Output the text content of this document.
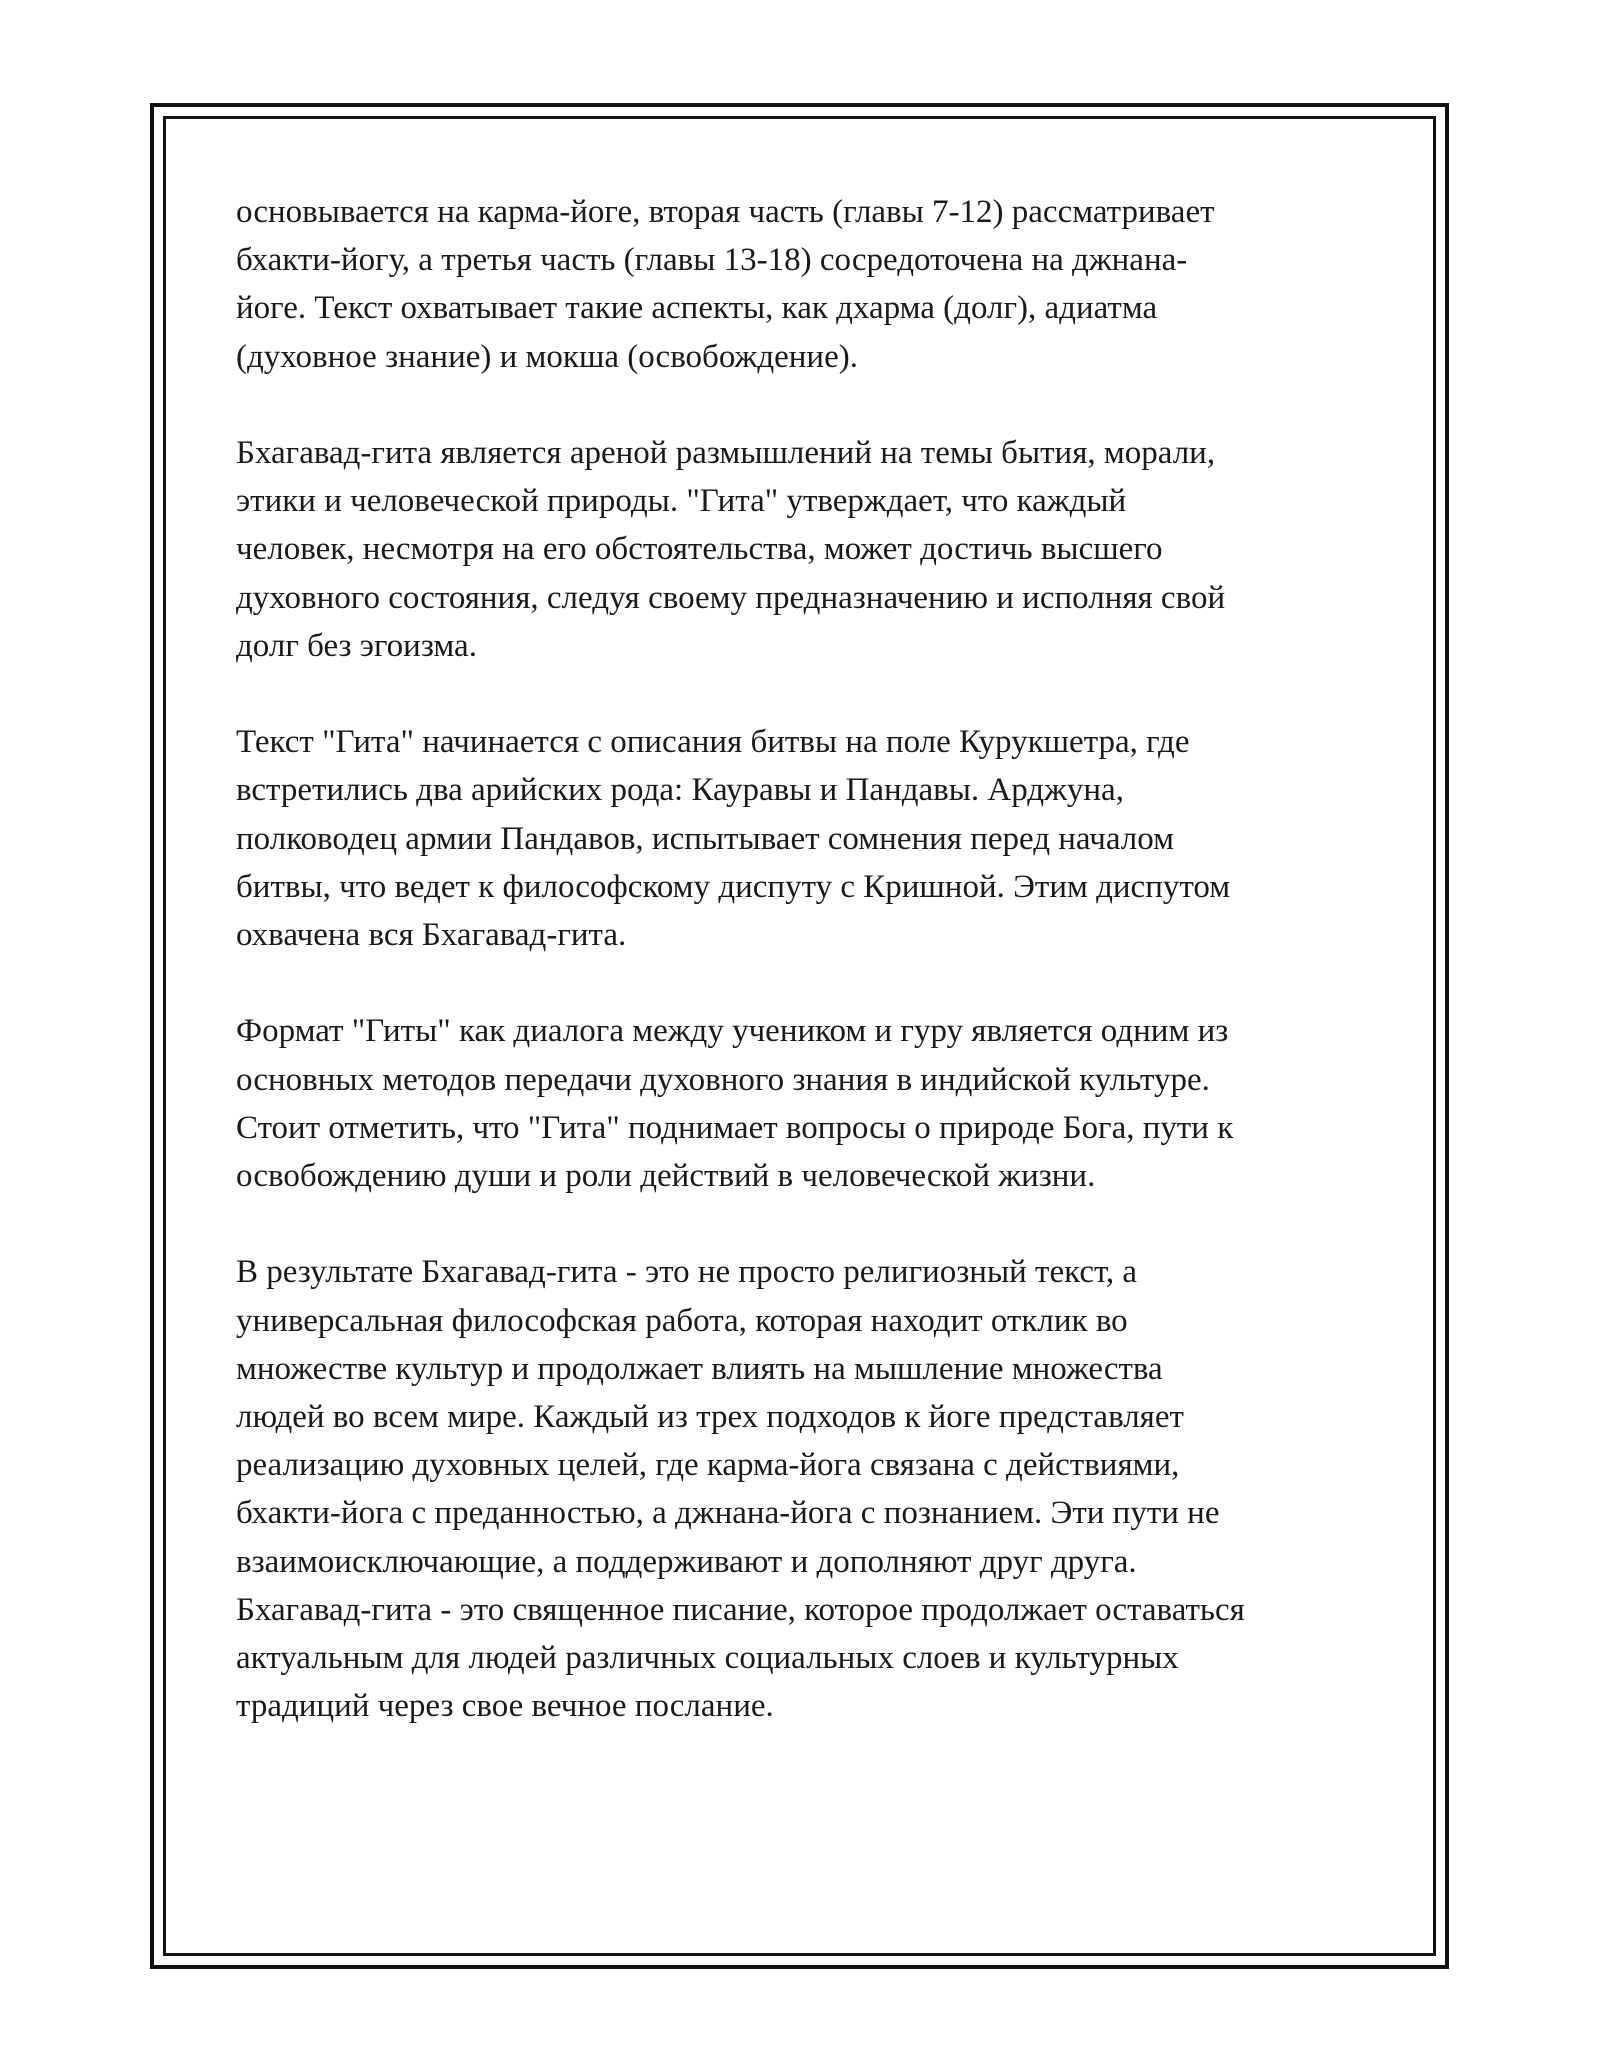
основывается на карма-йоге, вторая часть (главы 7-12) рассматривает
бхакти-йогу, а третья часть (главы 13-18) сосредоточена на джнана-
йоге. Текст охватывает такие аспекты, как дхарма (долг), адиатма
(духовное знание) и мокша (освобождение).

Бхагавад-гита является ареной размышлений на темы бытия, морали,
этики и человеческой природы. "Гита" утверждает, что каждый
человек, несмотря на его обстоятельства, может достичь высшего
духовного состояния, следуя своему предназначению и исполняя свой
долг без эгоизма.

Текст "Гита" начинается с описания битвы на поле Курукшетра, где
встретились два арийских рода: Кауравы и Пандавы. Арджуна,
полководец армии Пандавов, испытывает сомнения перед началом
битвы, что ведет к философскому диспуту с Кришной. Этим диспутом
охвачена вся Бхагавад-гита.

Формат "Гиты" как диалога между учеником и гуру является одним из
основных методов передачи духовного знания в индийской культуре.
Стоит отметить, что "Гита" поднимает вопросы о природе Бога, пути к
освобождению души и роли действий в человеческой жизни.

В результате Бхагавад-гита - это не просто религиозный текст, а
универсальная философская работа, которая находит отклик во
множестве культур и продолжает влиять на мышление множества
людей во всем мире. Каждый из трех подходов к йоге представляет
реализацию духовных целей, где карма-йога связана с действиями,
бхакти-йога с преданностью, а джнана-йога с познанием. Эти пути не
взаимоисключающие, а поддерживают и дополняют друг друга.
Бхагавад-гита - это священное писание, которое продолжает оставаться
актуальным для людей различных социальных слоев и культурных
традиций через свое вечное послание.
